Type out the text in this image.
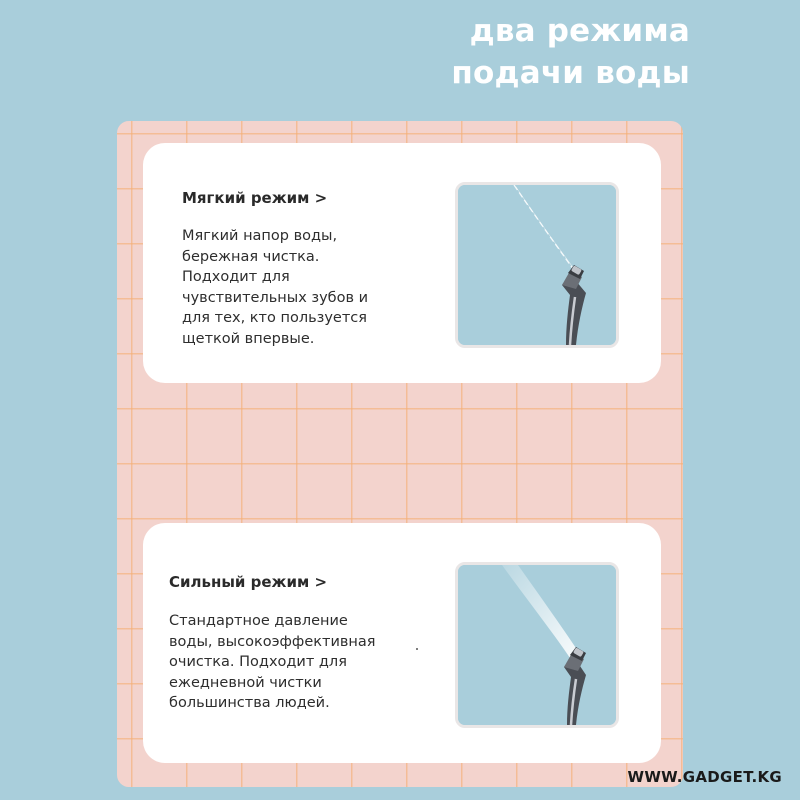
два режима
подачи воды
Мягкий режим >

Мягкий напор воды,
бережная чистка.
Подходит для
чувствительных зубов и
для тех, кто пользуется
щеткой впервые.

Сильный режим >

Стандартное давление
воды, высокоэффективная
очистка. Подходит для
ежедневной чистки
большинства людей.

WWW.GADGET.KG
